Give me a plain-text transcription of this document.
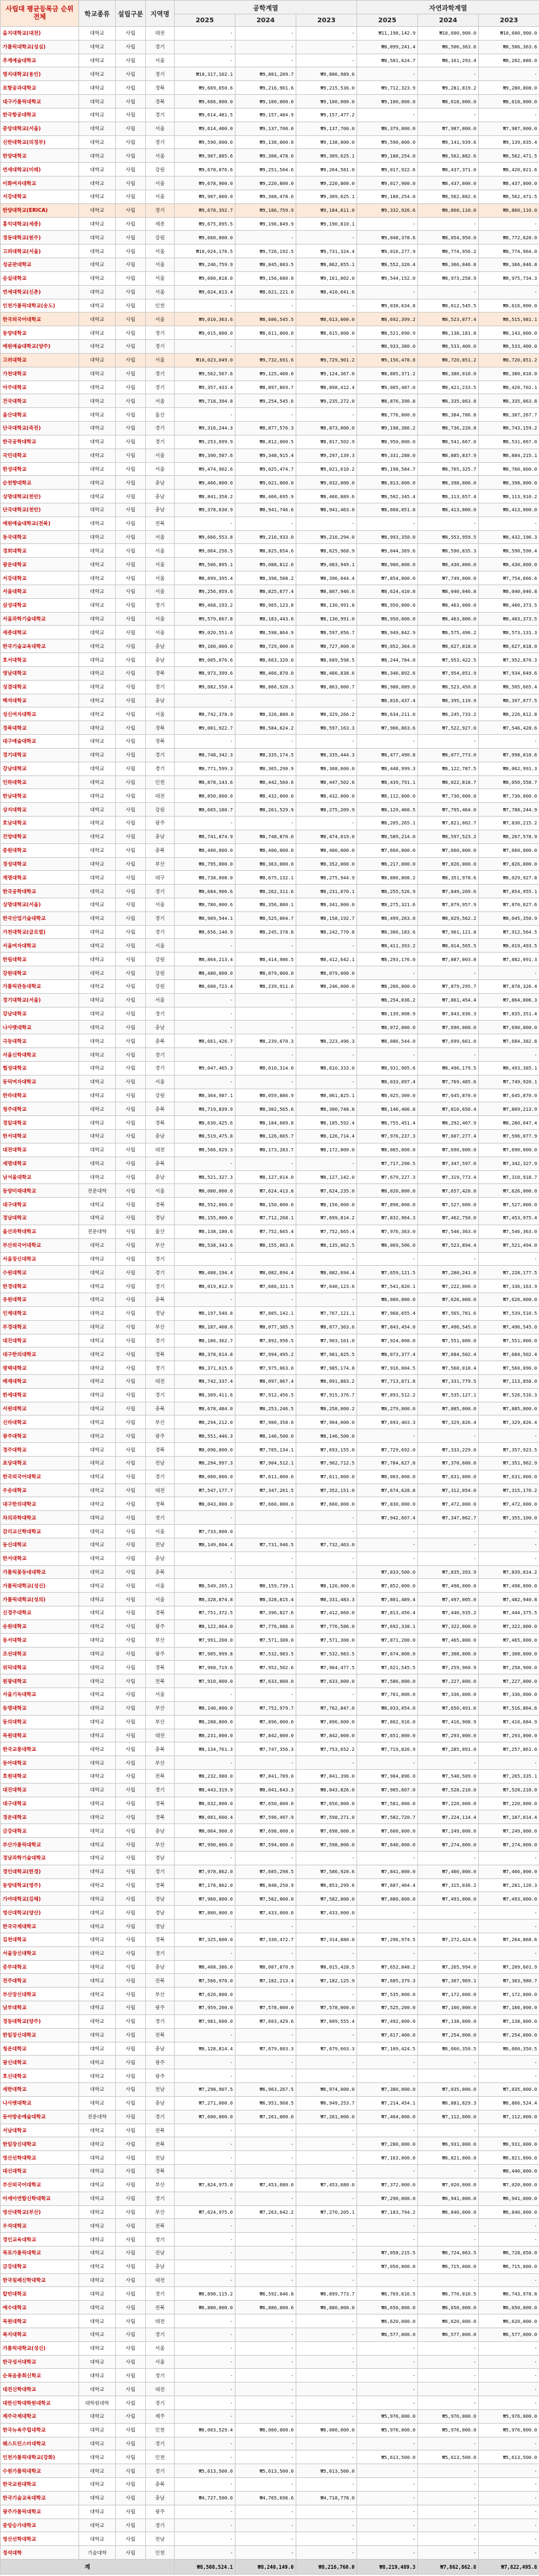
사립대 평균등록금 순위 전체	학교종류	설립구분	지역명	공학계열			자연과학계열		
				2025	2024	2023	2025	2024	2023
을지대학교(대전)	대학교	사립	대전	-	-	-	₩11,198,142.9	₩10,600,900.0	₩10,600,900.0
가톨릭대학교(성심)	대학교	사립	경기	-	-	-	₩8,899,241.4	₩8,506,363.6	₩8,506,363.6
추계예술대학교	대학교	사립	서울	-	-	-	₩8,581,624.7	₩8,161,293.4	₩8,202,080.0
명지대학교(용인)	대학교	사립	경기	₩10,317,102.1	₩9,801,209.7	₩9,806,989.6	-	-	-
포항공과대학교	대학교	사립	경북	₩9,669,650.6	₩9,216,901.6	₩9,215,536.0	₩9,712,323.9	₩9,281,819.2	₩9,280,808.0
대구가톨릭대학교	대학교	사립	경북	₩9,666,000.0	₩9,100,000.0	₩9,100,000.0	₩9,100,000.0	₩8,618,000.0	₩8,618,000.0
한국항공대학교	대학교	사립	경기	₩9,614,481.5	₩9,157,484.9	₩9,157,477.2	-	-	-
중앙대학교(서울)	대학교	사립	서울	₩9,614,400.0	₩9,137,700.0	₩9,137,700.0	₩8,379,000.0	₩7,987,000.0	₩7,987,000.0
신한대학교(의정부)	대학교	사립	경기	₩9,590,000.0	₩9,138,000.0	₩9,138,000.0	₩9,590,000.0	₩9,141,939.6	₩9,139,035.4
한양대학교	대학교	사립	서울	₩9,907,885.6	₩9,308,478.0	₩9,309,625.1	₩9,188,254.0	₩8,562,882.6	₩8,562,471.5
연세대학교(미래)	대학교	사립	강원	₩9,678,076.6	₩9,251,504.6	₩9,264,581.0	₩9,017,922.6	₩8,437,371.0	₩8,420,021.6
이화여자대학교	대학교	사립	서울	₩9,678,900.0	₩9,220,800.0	₩9,220,800.0	₩9,017,900.0	₩8,437,000.0	₩8,437,000.0
서강대학교	대학교	사립	서울	₩9,907,000.0	₩9,308,478.0	₩9,309,625.1	₩9,188,254.0	₩8,562,882.6	₩8,562,471.5
한양대학교(ERICA)	대학교	사립	경기	₩9,678,392.7	₩9,186,759.9	₩9,184,811.0	₩9,332,926.6	₩8,860,110.0	₩8,860,110.0
홍익대학교(세종)	대학교	사립	세종	₩9,675,095.5	₩9,196,849.9	₩9,190,810.1	-	-	-
경동대학교(원주)	대학교	사립	강원	₩9,660,000.0	-	-	₩9,048,378.6	₩8,054,950.0	₩8,772,620.0
고려대학교(서울)	대학교	사립	서울	₩10,024,176.5	₩9,726,192.5	₩9,731,324.4	₩9,016,277.9	₩8,774,956.2	₩8,774,964.0
성균관대학교	대학교	사립	서울	₩9,246,759.9	₩8,845,083.5	₩8,862,655.1	₩8,552,320.4	₩8,366,046.8	₩8,366,046.8
숭실대학교	대학교	사립	서울	₩9,600,818.0	₩9,156,680.0	₩9,161,002.0	₩9,544,152.0	₩8,973,258.9	₩8,975,734.3
연세대학교(신촌)	대학교	사립	서울	₩9,024,813.4	₩8,621,221.0	₩8,410,641.6	-	-	-
인천가톨릭대학교(송도)	대학교	사립	인천	-	-	-	₩9,038,634.8	₩8,612,545.5	₩8,616,000.0
한국외국어대학교	대학교	사립	서울	₩9,010,363.6	₩8,606,545.5	₩8,613,000.0	₩8,692,399.2	₩8,523,877.4	₩8,515,981.1
동양대학교	대학교	사립	경기	₩9,015,000.0	₩8,611,000.0	₩8,615,000.0	₩8,521,090.9	₩8,138,181.8	₩8,143,000.0
예원예술대학교(양주)	대학교	사립	경기	-	-	-	₩8,933,380.0	₩8,533,400.0	₩8,533,400.0
고려대학교	대학교	사립	서울	₩10,023,049.0	₩9,732,691.6	₩9,729,901.2	₩9,156,478.8	₩8,720,851.2	₩8,720,851.2
가천대학교	대학교	사립	경기	₩9,562,567.6	₩9,125,400.0	₩9,124,367.0	₩8,805,371.2	₩8,380,010.0	₩8,380,010.0
아주대학교	대학교	사립	경기	₩9,357,433.4	₩8,897,869.7	₩8,898,412.4	₩9,005,487.0	₩8,421,233.5	₩8,420,702.1
건국대학교	대학교	사립	서울	₩9,718,394.8	₩9,254,545.6	₩9,235,272.0	₩8,876,390.8	₩8,335,063.8	₩8,335,063.8
울산대학교	대학교	사립	울산	-	-	-	₩8,776,000.0	₩8,384,786.8	₩8,387,267.7
단국대학교(죽전)	대학교	사립	경기	₩9,316,244.3	₩8,877,576.3	₩8,873,000.0	₩9,198,386.2	₩8,736,220.8	₩8,743,159.2
한국공학대학교	대학교	사립	경기	₩9,253,699.9	₩8,812,000.5	₩8,817,502.9	₩8,950,000.0	₩8,541,667.0	₩8,531,667.0
국민대학교	대학교	사립	서울	₩9,390,587.6	₩9,348,915.4	₩9,297,139.3	₩9,331,288.0	₩8,885,837.9	₩8,884,215.1
한성대학교	대학교	사립	서울	₩9,474,902.6	₩9,025,474.7	₩9,021,610.2	₩9,198,584.7	₩8,765,325.7	₩8,760,000.0
순천향대학교	대학교	사립	충남	₩9,466,000.0	₩9,021,000.0	₩9,032,000.0	₩8,813,000.0	₩8,398,000.0	₩8,398,000.0
상명대학교(천안)	대학교	사립	충남	₩8,841,358.2	₩8,466,695.9	₩8,466,889.6	₩8,502,345.4	₩8,113,657.4	₩8,113,910.2
단국대학교(천안)	대학교	사립	충남	₩9,378,630.9	₩8,941,746.6	₩8,941,463.0	₩8,668,051.8	₩8,413,000.0	₩8,413,000.0
예원예술대학교(전북)	대학교	사립	전북	-	-	-	-	-	-
동국대학교	대학교	사립	서울	₩9,666,553.8	₩9,216,933.0	₩9,216,294.0	₩8,993,350.0	₩8,553,959.5	₩8,432,196.3
경희대학교	대학교	사립	서울	₩9,064,256.5	₩8,825,654.6	₩8,625,968.9	₩9,044,369.6	₩8,590,835.3	₩8,590,590.4
광운대학교	대학교	사립	서울	₩9,506,895.1	₩9,088,812.0	₩9,083,949.1	₩8,900,000.0	₩8,430,000.0	₩8,430,000.0
서강대학교	대학교	사립	서울	₩8,899,395.4	₩8,398,588.2	₩8,396,044.4	₩7,854,000.0	₩7,749,000.0	₩7,754,666.6
서울대학교	대학교	사립	서울	₩9,256,059.6	₩8,825,677.4	₩8,807,946.6	₩8,624,410.8	₩8,040,046.8	₩8,040,046.8
삼성대학교	대학교	사립	경기	₩9,468,193.2	₩8,965,123.8	₩8,130,991.8	₩8,950,000.0	₩8,463,000.0	₩8,400,373.5
서울과학기술대학교	대학교	사립	서울	₩9,579,667.8	₩8,183,443.6	₩8,130,991.0	₩8,950,000.0	₩8,463,000.0	₩8,403,373.5
세종대학교	대학교	사립	서울	₩9,020,551.6	₩8,598,864.9	₩8,597,056.7	₩8,949,842.9	₩8,575,496.2	₩8,573,131.3
한국기술교육대학교	대학교	사립	충남	₩9,160,000.0	₩8,729,000.0	₩8,727,000.0	₩9,052,364.0	₩8,627,818.0	₩8,627,818.0
호서대학교	대학교	사립	충남	₩9,005,076.6	₩8,663,320.0	₩8,689,598.5	₩8,244,784.0	₩7,953,422.5	₩7,952,870.3
영남대학교	대학교	사립	경북	₩8,973,399.6	₩8,466,870.0	₩8,466,838.6	₩8,346,892.6	₩7,954,051.9	₩7,934,649.6
성결대학교	대학교	사립	경기	₩9,082,550.4	₩8,866,920.3	₩8,863,000.7	₩8,988,089.0	₩8,523,450.8	₩8,505,665.4
백석대학교	대학교	사립	충남	-	-	-	₩8,816,437.4	₩8,395,119.9	₩8,397,077.5
성신여자대학교	대학교	사립	서울	₩8,742,378.9	₩8,326,880.0	₩8,329,266.2	₩8,634,211.0	₩8,245,733.2	₩8,226,812.8
경북대학교	대학교	사립	경북	₩9,001,922.7	₩8,584,624.2	₩8,597,163.3	₩7,906,863.6	₩7,522,927.0	₩7,546,428.6
대구예술대학교	대학교	사립	경북	-	-	-	-	-	-
경기대학교	대학교	사립	경기	₩8,748,342.3	₩8,335,174.5	₩8,335,444.3	₩8,477,490.8	₩8,077,773.0	₩7,998,010.6
강남대학교	대학교	사립	경기	₩8,771,599.3	₩8,365,290.9	₩8,368,600.0	₩8,448,999.3	₩8,122,787.5	₩8,062,991.3
인하대학교	대학교	사립	인천	₩8,878,143.6	₩8,442,560.6	₩8,447,502.6	₩8,439,791.1	₩8,022,818.7	₩8,050,558.7
한남대학교	대학교	사립	대전	₩8,850,000.0	₩8,432,000.0	₩8,432,000.0	₩8,112,000.0	₩7,730,000.0	₩7,730,000.0
상지대학교	대학교	사립	강원	₩8,665,180.7	₩8,261,529.9	₩8,275,209.9	₩8,129,460.5	₩7,795,464.0	₩7,788,244.9
호남대학교	대학교	사립	광주	-	-	-	₩8,205,265.1	₩7,821,002.7	₩7,830,215.2
건양대학교	대학교	사립	충남	₩8,741,874.9	₩8,748,870.0	₩8,474,019.0	₩8,589,214.0	₩8,597,523.2	₩8,267,578.9
중원대학교	대학교	사립	충북	₩8,400,000.0	₩8,400,000.0	₩8,400,000.0	₩7,660,000.0	₩7,660,000.0	₩7,660,000.0
경성대학교	대학교	사립	부산	₩8,795,000.0	₩8,363,000.0	₩8,352,000.0	₩8,217,000.0	₩7,826,000.0	₩7,826,000.0
계명대학교	대학교	사립	대구	₩8,738,008.0	₩8,675,132.1	₩8,275,944.9	₩8,806,808.2	₩8,351,978.6	₩8,029,927.8
한국공학대학교	대학교	사립	경기	₩8,684,906.6	₩8,262,311.6	₩8,231,070.1	₩8,255,526.9	₩7,849,209.6	₩7,854,955.1
상명대학교(서울)	대학교	사립	서울	₩8,780,000.6	₩8,356,880.1	₩8,341,000.0	₩8,275,321.6	₩7,879,957.9	₩7,870,627.6
한국산업기술대학교	대학교	사립	경기	₩8,909,544.1	₩8,525,004.7	₩8,158,192.7	₩8,499,263.0	₩8,029,562.2	₩8,045,350.9
가천대학교(글로벌)	대학교	사립	경기	₩8,656,140.9	₩8,245,378.8	₩8,242,770.8	₩8,300,183.6	₩7,901,121.8	₩7,912,564.5
서울여자대학교	대학교	사립	서울	-	-	-	₩8,411,393.2	₩8,014,565.5	₩8,019,493.5
한림대학교	대학교	사립	강원	₩8,864,213.4	₩8,414,986.5	₩8,412,642.1	₩8,293,176.0	₩7,887,003.8	₩7,882,091.3
강원대학교	대학교	사립	강원	₩8,480,000.0	₩8,079,000.0	₩8,079,000.0	-	-	-
가톨릭관동대학교	대학교	사립	강원	₩8,600,723.4	₩8,239,911.6	₩8,246,000.0	₩8,266,000.0	₩7,879,295.7	₩7,878,326.4
경기대학교(서울)	대학교	사립	서울	-	-	-	₩8,254,036.2	₩7,861,454.4	₩7,864,006.3
강남대학교	대학교	사립	경기	-	-	-	₩8,139,008.9	₩7,843,036.3	₩7,835,351.4
나사렛대학교	대학교	사립	충남	-	-	-	₩8,072,000.0	₩7,690,000.0	₩7,690,000.0
극동대학교	대학교	사립	충북	₩8,661,426.7	₩8,239,670.3	₩8,223,496.3	₩8,086,544.0	₩7,699,661.0	₩7,684,382.8
서울신학대학교	대학교	사립	경기	-	-	-	-	-	-
협성대학교	대학교	사립	경기	₩9,047,465.3	₩8,610,314.0	₩8,610,333.0	₩8,931,905.6	₩8,496,179.5	₩8,493,385.1
동덕여자대학교	대학교	사립	서울	-	-	-	₩8,033,097.4	₩7,769,485.6	₩7,749,920.1
한라대학교	대학교	사립	강원	₩8,364,987.1	₩8,059,886.9	₩8,061,825.1	₩8,025,300.0	₩7,645,870.0	₩7,645,870.0
청주대학교	대학교	사립	충북	₩8,719,839.9	₩8,302,565.6	₩8,300,748.8	₩8,146,406.8	₩7,810,650.4	₩7,809,213.9
경일대학교	대학교	사립	경북	₩8,630,425.6	₩8,184,689.8	₩8,185,592.4	₩8,755,451.4	₩8,292,407.9	₩8,280,047.4
한서대학교	대학교	사립	충남	₩8,519,475.8	₩8,126,665.7	₩8,126,714.4	₩7,976,237.3	₩7,607,277.4	₩7,596,077.9
대전대학교	대학교	사립	대전	₩8,566,029.3	₩8,173,283.7	₩8,172,000.0	₩8,065,000.0	₩7,690,000.0	₩7,690,000.0
세명대학교	대학교	사립	충북	-	-	-	₩7,717,290.5	₩7,347,597.0	₩7,342,327.9
남서울대학교	대학교	사립	충남	₩8,521,327.3	₩8,127,014.0	₩8,127,142.0	₩7,679,227.3	₩7,319,773.4	₩7,310,918.7
동양미래대학교	전문대학	사립	서울	₩8,000,000.0	₩7,624,413.8	₩7,624,235.0	₩8,020,000.0	₩7,657,420.0	₩7,626,000.0
대구대학교	대학교	사립	경북	₩8,552,000.0	₩8,150,000.0	₩8,150,000.0	₩7,898,000.0	₩7,527,000.0	₩7,527,000.0
경남대학교	대학교	사립	경남	₩8,155,000.0	₩7,712,268.1	₩7,699,814.2	₩7,832,964.3	₩7,462,750.0	₩7,453,975.4
울산과학대학교	전문대학	사립	울산	₩8,138,180.6	₩7,752,665.4	₩7,752,665.4	₩7,976,363.0	₩7,546,363.0	₩7,546,363.0
부산외국어대학교	대학교	사립	부산	₩8,538,343.6	₩8,155,063.6	₩8,135,062.5	₩8,069,506.0	₩7,523,894.4	₩7,521,494.0
서울장신대학교	대학교	사립	경기	-	-	-	-	-	-
수원대학교	대학교	사립	경기	₩8,488,194.4	₩8,082,694.4	₩8,082,694.4	₩7,659,121.5	₩7,280,241.6	₩7,228,177.5
한경대학교	대학교	사립	경기	₩8,019,812.9	₩7,666,321.5	₩7,640,123.6	₩7,541,820.1	₩7,222,000.0	₩7,336,163.9
유원대학교	대학교	사립	충북	-	-	-	₩8,000,000.0	₩7,626,000.0	₩7,626,000.0
인제대학교	대학교	사립	경남	₩8,197,540.8	₩7,805,142.1	₩7,767,121.1	₩7,968,655.4	₩7,565,781.6	₩7,539,510.5
부경대학교	대학교	사립	부산	₩8,187,408.6	₩8,077,385.5	₩8,077,363.6	₩7,843,454.0	₩7,496,545.0	₩7,496,545.0
대진대학교	대학교	사립	경기	₩8,186,362.7	₩7,892,956.5	₩7,903,101.0	₩7,924,000.0	₩7,551,000.0	₩7,551,000.0
대구한의대학교	대학교	사립	경북	₩8,378,614.8	₩7,994,495.2	₩7,981,025.5	₩8,073,377.4	₩7,684,502.4	₩7,684,502.4
평택대학교	대학교	사립	경기	₩8,371,615.6	₩7,975,063.0	₩7,985,174.8	₩7,916,004.5	₩7,568,018.4	₩7,560,096.0
배재대학교	대학교	사립	대전	₩8,742,337.4	₩8,097,067.4	₩8,091,883.2	₩7,713,871.8	₩7,331,779.5	₩7,113,858.0
한세대학교	대학교	사립	경기	₩8,309,411.6	₩7,912,456.5	₩7,915,376.7	₩7,893,512.2	₩7,535,127.1	₩7,526,516.3
서원대학교	대학교	사립	충북	₩8,678,484.0	₩8,253,246.5	₩8,258,000.2	₩8,279,000.0	₩7,885,000.0	₩7,885,000.0
신라대학교	대학교	사립	부산	₩8,294,212.0	₩7,900,358.0	₩7,904,000.0	₩7,693,403.3	₩7,329,826.4	₩7,329,826.4
광주대학교	대학교	사립	광주	₩8,551,446.3	₩8,146,500.0	₩8,146,500.0	-	-	-
경주대학교	대학교	사립	경북	₩8,096,000.0	₩7,705,134.1	₩7,693,155.0	₩7,729,692.0	₩7,333,229.0	₩7,357,923.5
초당대학교	대학교	사립	전남	₩8,294,997.3	₩7,904,512.1	₩7,902,712.5	₩7,784,627.8	₩7,370,600.0	₩7,351,962.9
한국외국어대학교	대학교	사립	경기	₩8,000,000.0	₩7,611,000.0	₩7,611,000.0	₩8,003,000.0	₩7,631,000.0	₩7,631,000.0
우송대학교	대학교	사립	대전	₩7,547,177.7	₩7,347,201.5	₩7,352,151.0	₩7,674,628.8	₩7,312,054.0	₩7,315,170.2
대구한의대학교	대학교	사립	경북	₩8,043,000.0	₩7,660,000.0	₩7,660,000.0	₩7,830,000.0	₩7,472,000.0	₩7,472,000.0
차의과학대학교	대학교	사립	경기	-	-	-	₩7,942,607.4	₩7,347,062.7	₩7,355,100.0
감리교신학대학교	대학교	사립	서울	₩7,733,000.0	-	-	-	-	-
동신대학교	대학교	사립	전남	₩8,149,604.4	₩7,731,946.5	₩7,732,463.0	-	-	-
한서대학교	대학교	사립	충남	-	-	-	-	-	-
가톨릭꽃동네대학교	대학교	사립	충북	-	-	-	₩7,833,500.0	₩7,835,393.9	₩7,839,014.2
가톨릭대학교(성신)	대학교	사립	서울	₩8,549,265.1	₩8,159,739.1	₩8,126,000.0	₩7,852,000.0	₩7,498,000.0	₩7,498,000.0
가톨릭대학교(성의)	대학교	사립	서울	₩8,328,874.8	₩8,328,815.4	₩8,331,483.3	₩7,801,489.4	₩7,497,005.0	₩7,482,940.8
신경주대학교	대학교	사립	경북	₩7,751,372.5	₩7,396,827.6	₩7,412,060.0	₩7,813,456.4	₩7,440,935.2	₩7,444,375.5
송원대학교	대학교	사립	광주	₩8,122,064.0	₩7,776,086.0	₩7,776,586.0	₩7,692,338.1	₩7,322,000.0	₩7,322,000.0
동서대학교	대학교	사립	부산	₩7,991,200.0	₩7,571,300.0	₩7,571,300.0	₩7,871,200.0	₩7,465,000.0	₩7,465,000.0
조선대학교	대학교	사립	광주	₩7,905,999.8	₩7,532,983.5	₩7,532,983.5	₩7,674,000.0	₩7,308,000.0	₩7,308,000.0
위덕대학교	대학교	사립	경북	₩7,968,719.6	₩7,952,502.6	₩7,964,477.5	₩7,621,545.5	₩7,259,960.9	₩7,258,900.0
원광대학교	대학교	사립	전북	₩7,910,000.0	₩7,633,000.0	₩7,633,000.0	₩7,586,000.0	₩7,227,000.0	₩7,227,000.0
서울기독대학교	대학교	사립	서울	-	-	-	₩7,701,000.0	₩7,336,000.0	₩7,336,000.0
동명대학교	대학교	사립	부산	₩8,140,000.0	₩7,752,979.7	₩7,762,847.0	₩8,033,054.0	₩7,650,491.6	₩7,516,864.6
동의대학교	대학교	사립	부산	₩8,288,800.0	₩7,896,000.0	₩7,896,000.0	₩7,802,916.0	₩7,416,908.9	₩7,416,684.9
목원대학교	대학교	사립	대전	₩8,231,000.0	₩7,842,000.0	₩7,842,000.0	₩7,651,000.0	₩7,293,000.0	₩7,293,000.0
한국교통대학교	대학교	사립	충북	₩8,134,761.3	₩7,747,356.3	₩7,753,652.2	₩7,719,826.9	₩7,285,091.0	₩7,257,861.0
동아대학교	대학교	사립	부산	-	-	-	-	-	-
호원대학교	대학교	사립	전북	₩8,232,980.0	₩7,841,789.0	₩7,841,396.0	₩7,984,896.0	₩7,548,509.0	₩7,265,335.1
대진대학교	대학교	사립	경기	₩8,443,319.9	₩8,041,643.3	₩8,043,826.0	₩7,905,607.0	₩7,528,210.0	₩7,528,210.0
대구대학교	대학교	사립	경북	₩8,032,000.0	₩7,650,000.0	₩7,650,000.0	₩7,581,000.0	₩7,220,000.0	₩7,220,000.0
경운대학교	대학교	사립	경북	₩8,001,600.4	₩7,596,497.9	₩7,598,271.0	₩7,582,720.7	₩7,224,114.4	₩7,187,014.4
금강대학교	대학교	사립	충남	₩8,064,900.0	₩7,698,000.0	₩7,698,000.0	₩7,600,000.0	₩7,249,000.0	₩7,249,000.0
부산가톨릭대학교	대학교	사립	부산	₩7,990,000.0	₩7,594,000.0	₩7,598,000.0	₩7,640,000.0	₩7,274,000.0	₩7,274,000.0
경남과학기술대학교	대학교	사립	경남	-	-	-	-	-	-
경인대학교(한경)	대학교	사립	경기	₩7,978,862.0	₩7,605,298.5	₩7,586,920.6	₩7,841,000.0	₩7,466,000.0	₩7,466,000.0
동양대학교(영주)	대학교	사립	경북	₩7,178,862.0	₩6,848,250.9	₩6,853,299.6	₩7,687,464.4	₩7,315,036.2	₩7,281,120.3
가야대학교(김해)	대학교	사립	경남	₩7,960,000.0	₩7,582,000.0	₩7,582,000.0	₩7,880,000.0	₩7,493,000.0	₩7,493,000.0
영산대학교(양산)	대학교	사립	경남	₩7,800,000.0	₩7,433,000.0	₩7,433,000.0	-	-	-
한국국제대학교	대학교	사립	경남	-	-	-	-	-	-
김천대학교	대학교	사립	경북	₩7,325,600.0	₩7,330,472.7	₩7,314,880.0	₩7,296,974.5	₩7,272,424.6	₩7,264,868.6
서울장신대학교	대학교	사립	경기	-	-	-	-	-	-
중부대학교	대학교	사립	충남	₩8,408,386.0	₩8,007,870.9	₩8,015,428.5	₩7,652,848.2	₩7,265,994.0	₩7,209,601.9
전주대학교	대학교	사립	전북	₩7,566,970.0	₩7,182,213.4	₩7,182,125.9	₩7,685,379.3	₩7,307,969.1	₩7,303,980.7
부산장신대학교	대학교	사립	부산	₩7,620,000.0	-	-	₩7,535,000.0	₩7,172,000.0	₩7,172,000.0
남부대학교	대학교	사립	광주	₩7,959,200.0	₩7,578,000.0	₩7,578,000.0	₩7,525,200.0	₩7,166,000.0	₩7,166,000.0
경동대학교(양주)	대학교	사립	경기	₩7,981,600.0	₩7,603,429.6	₩7,609,555.4	₩7,492,000.0	₩7,138,000.0	₩7,138,000.0
한일장신대학교	대학교	사립	전북	-	-	-	₩7,617,400.0	₩7,254,000.0	₩7,254,000.0
청운대학교	대학교	사립	충남	₩8,128,814.4	₩7,679,603.3	₩7,679,603.3	₩7,109,424.5	₩6,660,350.5	₩6,660,350.5
광신대학교	대학교	사립	광주	-	-	-	-	-	-
호신대학교	대학교	사립	광주	-	-	-	-	-	-
세한대학교	대학교	사립	전남	₩7,298,907.5	₩6,963,267.5	₩6,974,000.0	₩7,380,000.0	₩7,035,000.0	₩7,035,000.0
나사렛대학교	대학교	사립	충남	₩7,271,000.0	₩6,951,968.5	₩6,949,253.7	₩7,214,454.1	₩6,881,829.3	₩6,866,524.4
동아방송예술대학교	전문대학	사립	경기	₩7,600,000.0	₩7,261,000.0	₩7,261,000.0	₩7,464,000.0	₩7,112,000.0	₩7,112,000.0
서남대학교	대학교	사립	전북	-	-	-	-	-	-
한일장신대학교	대학교	사립	전북	-	-	-	₩7,280,000.0	₩6,931,000.0	₩6,931,000.0
영산선학대학교	대학교	사립	전남	-	-	-	₩7,163,000.0	₩6,821,000.0	₩6,821,000.0
대신대학교	대학교	사립	경북	-	-	-	-	-	₩8,440,000.0
부산외국어대학교	대학교	사립	부산	₩7,824,975.0	₩7,453,680.0	₩7,453,680.0	₩7,372,000.0	₩7,020,000.0	₩7,020,000.0
아세아연합신학대학교	대학교	사립	경기	-	-	-	₩7,290,000.0	₩6,941,000.0	₩6,941,000.0
영산대학교(부산)	대학교	사립	부산	₩7,624,975.0	₩7,263,642.2	₩7,270,205.1	₩7,183,794.2	₩6,840,000.0	₩6,840,000.0
우석대학교	대학교	사립	전북	-	-	-	-	-	-
경인교육대학교	대학교	사립	경기	-	-	-	-	-	-
목포가톨릭대학교	대학교	사립	전남	-	-	-	₩7,058,215.5	₩6,724,063.5	₩6,728,650.0
금강대학교	대학교	사립	충남	-	-	-	₩7,050,000.0	₩6,715,000.0	₩6,715,000.0
한국침례신학대학교	대학교	사립	대전	-	-	-	-	-	-
칼빈대학교	대학교	사립	경기	₩6,890,115.2	₩6,592,046.8	₩6,899,773.7	₩6,769,616.5	₩6,770,016.5	₩6,743,978.8
예수대학교	대학교	사립	전북	₩6,880,000.0	₩6,880,000.0	₩6,880,000.0	₩6,650,000.0	₩6,650,000.0	₩6,650,000.0
목원대학교	대학교	사립	대전	-	-	-	₩6,620,000.0	₩6,620,000.0	₩6,620,000.0
복지대학교	대학교	사립	경기	-	-	-	₩6,577,000.0	₩6,577,000.0	₩6,577,000.0
가톨릭대학교(성신)	대학교	사립	서울	-	-	-	-	-	-
한국성서대학교	대학교	사립	서울	-	-	-	-	-	-
순복음총회신학교	대학교	사립	경기	-	-	-	-	-	-
대전신학대학교	대학교	사립	대전	-	-	-	-	-	-
대한신학대학원대학교	대학원대학	사립	경기	-	-	-	-	-	-
제주국제대학교	대학교	사립	제주	-	-	-	₩5,976,000.0	₩5,976,000.0	₩5,976,000.0
한국뉴욕주립대학교	대학교	사립	인천	₩6,003,529.4	₩6,000,000.0	₩6,000,000.0	₩5,976,000.0	₩5,976,000.0	₩5,976,000.0
웨스트민스터대학교	대학교	사립	경기	-	-	-	-	-	-
인천가톨릭대학교(강화)	대학교	사립	인천	-	-	-	₩5,613,500.0	₩5,613,500.0	₩5,613,500.0
수원가톨릭대학교	대학교	사립	경기	₩5,613,500.0	₩5,613,500.0	₩5,613,500.0	-	-	-
한국교원대학교	대학교	사립	충북	-	-	-	-	-	-
한국기술교육대학교	대학교	사립	충남	₩4,727,500.0	₩4,765,696.6	₩4,718,778.0	-	-	-
광주가톨릭대학교	대학교	사립	광주	-	-	-	-	-	-
중앙승가대학교	대학교	사립	경기	-	-	-	-	-	-
영산선학대학교	대학교	사립	전남	-	-	-	-	-	-
정석대학	기술대학	사립	인천	-	-	-	-	-	-
계				₩8,508,524.1	₩8,240,149.0	₩8,216,760.0	₩8,219,489.3	₩7,862,862.8	₩7,822,495.8
